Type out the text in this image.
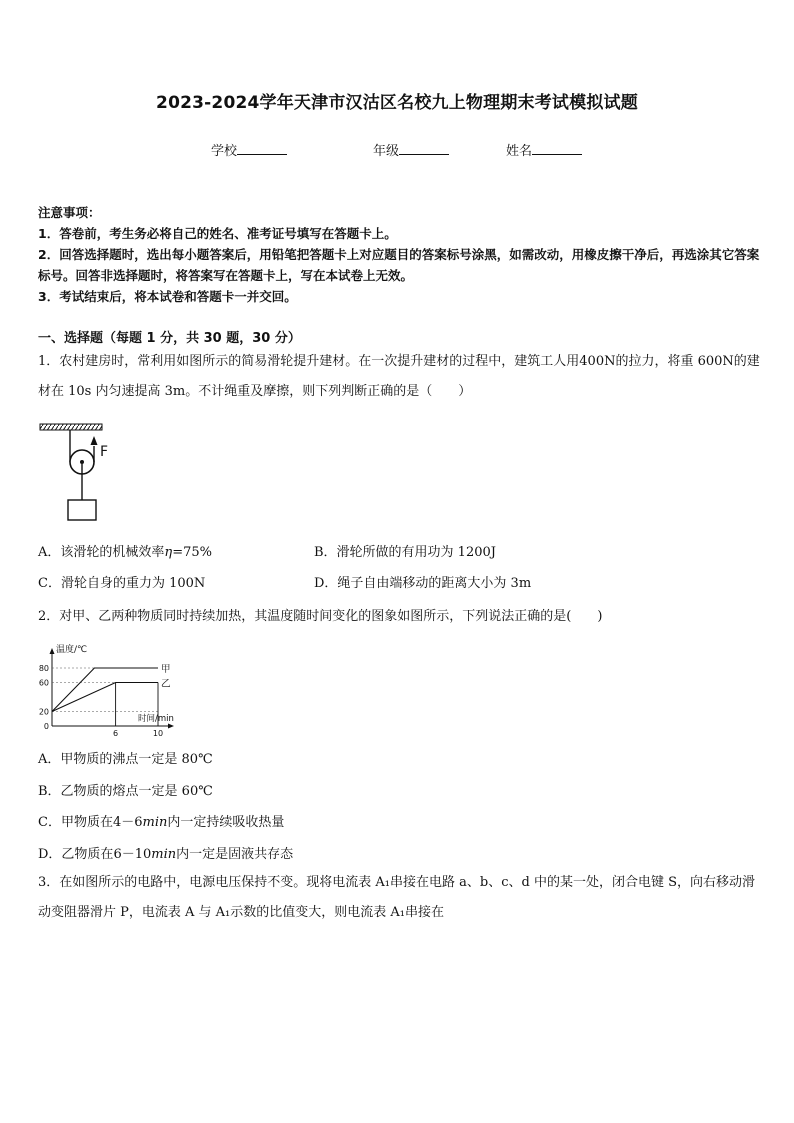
2023-2024学年天津市汉沽区名校九上物理期末考试模拟试题
学校	年级	姓名
注意事项：
1．答卷前，考生务必将自己的姓名、准考证号填写在答题卡上。
2．回答选择题时，选出每小题答案后，用铅笔把答题卡上对应题目的答案标号涂黑，如需改动，用橡皮擦干净后，再选涂其它答案标号。回答非选择题时，将答案写在答题卡上，写在本试卷上无效。
3．考试结束后，将本试卷和答题卡一并交回。
一、选择题（每题 1 分，共 30 题，30 分）
1．农村建房时，常利用如图所示的简易滑轮提升建材。在一次提升建材的过程中，建筑工人用400N的拉力，将重 600N的建材在 10s 内匀速提高 3m。不计绳重及摩擦，则下列判断正确的是（　　）
F
A．该滑轮的机械效率η=75%	B．滑轮所做的有用功为 1200J
C．滑轮自身的重力为 100N	D．绳子自由端移动的距离大小为 3m
2．对甲、乙两种物质同时持续加热，其温度随时间变化的图象如图所示，下列说法正确的是(　　)
温度/℃
时间/min
0
20
60
80
6	10
甲
乙
A．甲物质的沸点一定是 80℃
B．乙物质的熔点一定是 60℃
C．甲物质在4－6min内一定持续吸收热量
D．乙物质在6－10min内一定是固液共存态
3．在如图所示的电路中，电源电压保持不变。现将电流表 A₁串接在电路 a、b、c、d 中的某一处，闭合电键 S，向右移动滑动变阻器滑片 P，电流表 A 与 A₁示数的比值变大，则电流表 A₁串接在
